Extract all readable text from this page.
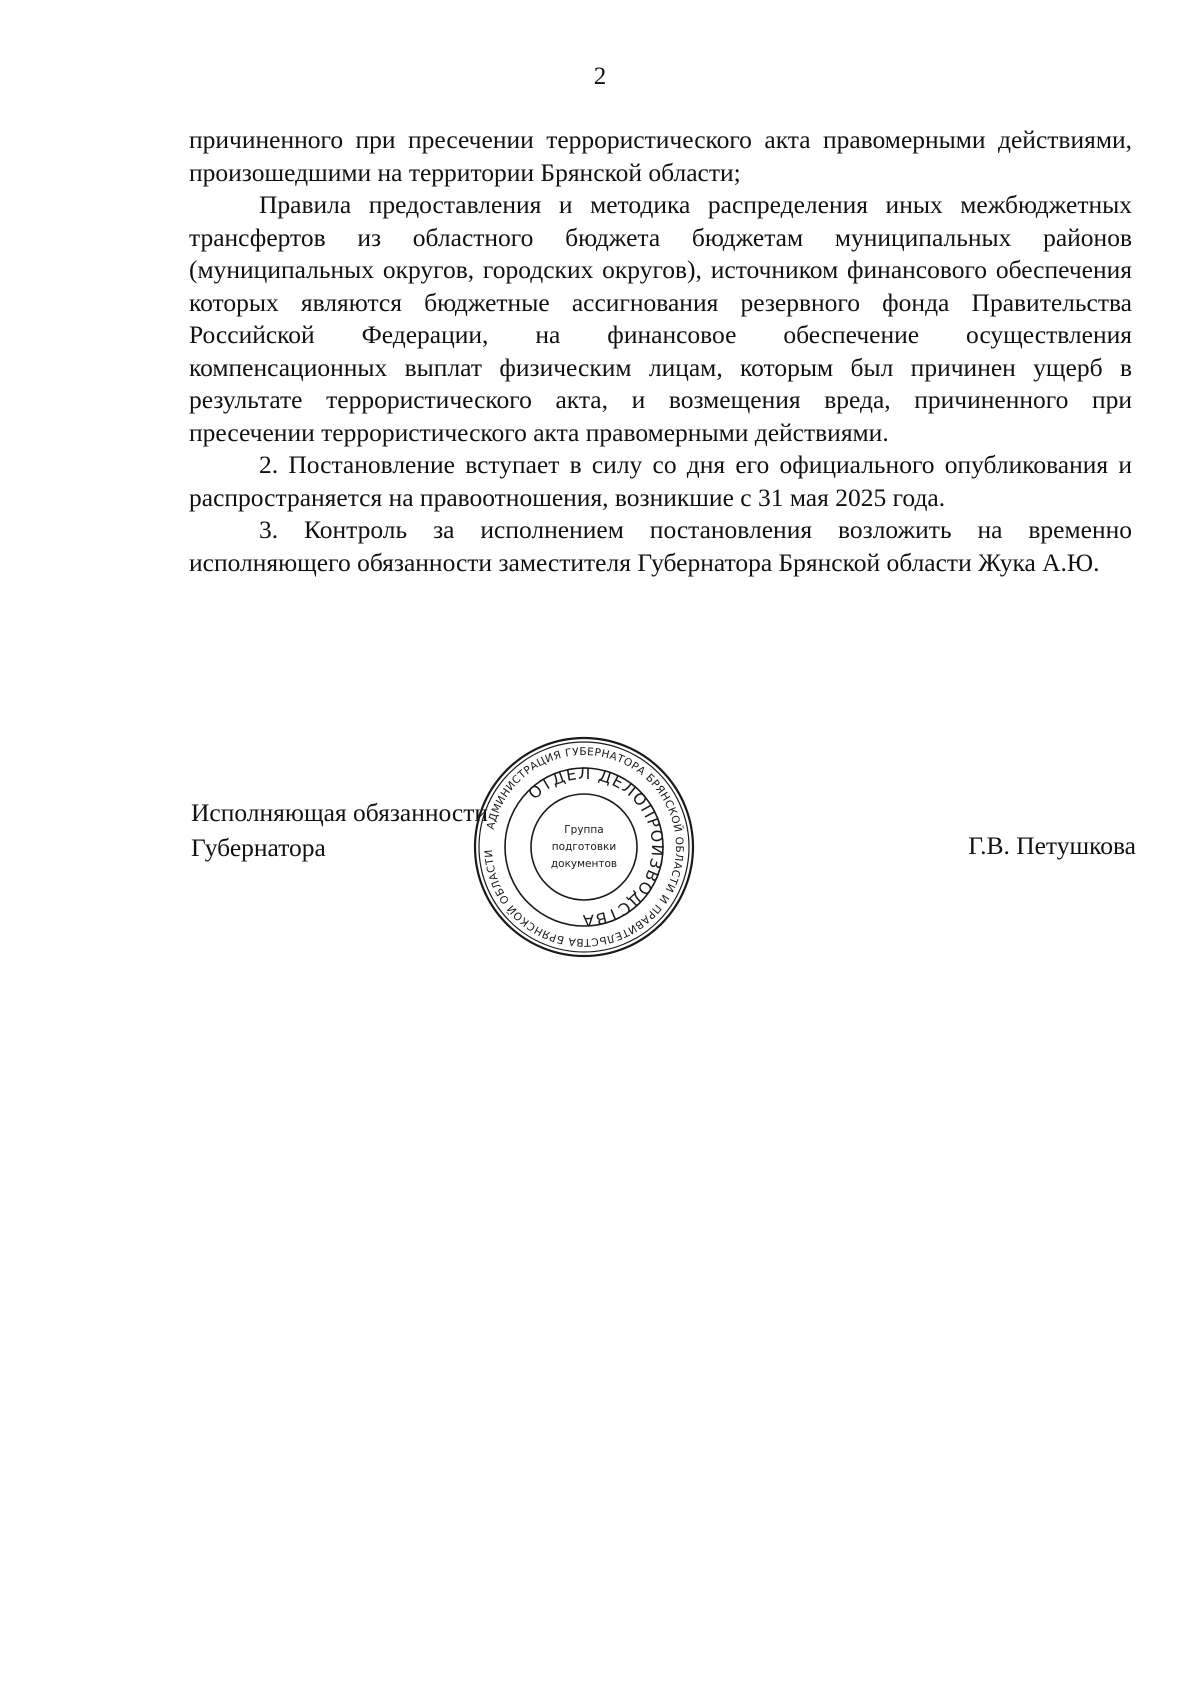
2

причиненного при пресечении террористического акта правомерными действиями, произошедшими на территории Брянской области;

Правила предоставления и методика распределения иных межбюджетных трансфертов из областного бюджета бюджетам муниципальных районов (муниципальных округов, городских округов), источником финансового обеспечения которых являются бюджетные ассигнования резервного фонда Правительства Российской Федерации, на финансовое обеспечение осуществления компенсационных выплат физическим лицам, которым был причинен ущерб в результате террористического акта, и возмещения вреда, причиненного при пресечении террористического акта правомерными действиями.

2. Постановление вступает в силу со дня его официального опубликования и распространяется на правоотношения, возникшие с 31 мая 2025 года.

3. Контроль за исполнением постановления возложить на временно исполняющего обязанности заместителя Губернатора Брянской области Жука А.Ю.

Исполняющая обязанности
Губернатора	Г.В. Петушкова
АДМИНИСТРАЦИЯ ГУБЕРНАТОРА БРЯНСКОЙ ОБЛАСТИ И ПРАВИТЕЛЬСТВА БРЯНСКОЙ ОБЛАСТИ
ОТДЕЛ ДЕЛОПРОИЗВОДСТВА
Группа
подготовки
документов
